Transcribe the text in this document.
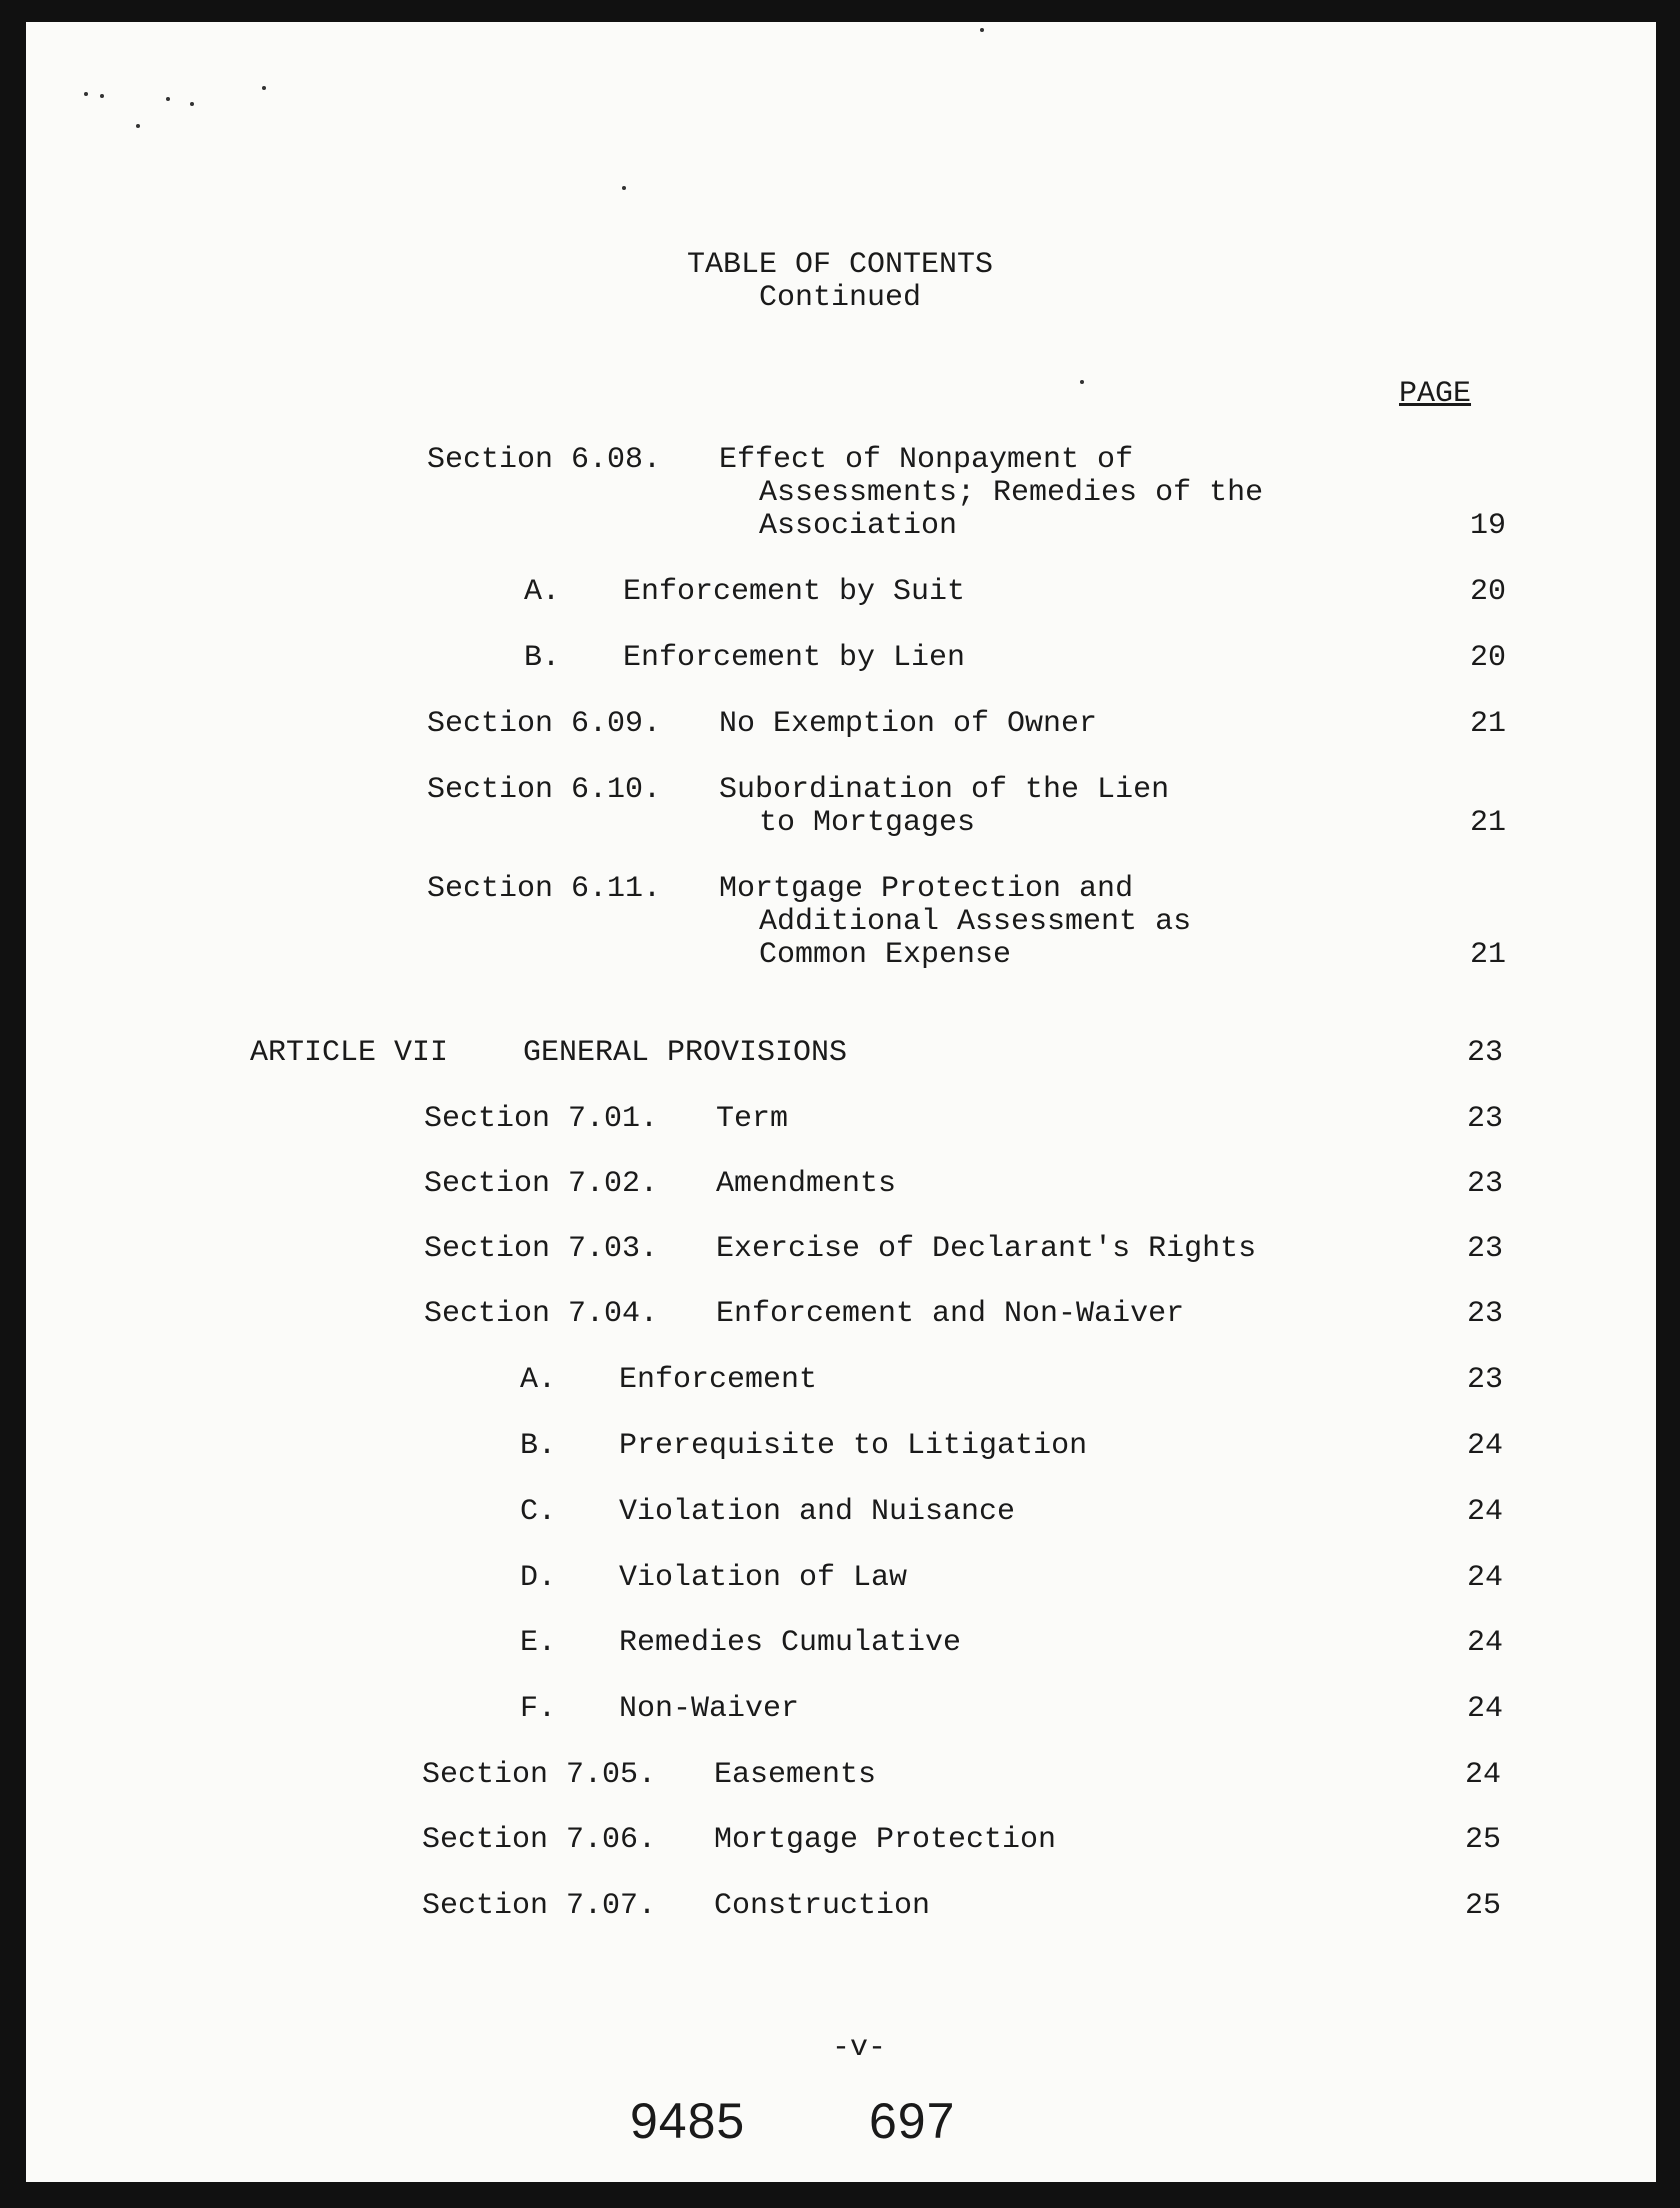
TABLE OF CONTENTS
Continued
PAGE
Section 6.08. Effect of Nonpayment of
Assessments; Remedies of the
Association	19
A. Enforcement by Suit	20
B. Enforcement by Lien	20
Section 6.09. No Exemption of Owner	21
Section 6.10. Subordination of the Lien
to Mortgages	21
Section 6.11. Mortgage Protection and
Additional Assessment as
Common Expense	21
ARTICLE VII GENERAL PROVISIONS	23
Section 7.01. Term	23
Section 7.02. Amendments	23
Section 7.03. Exercise of Declarant's Rights	23
Section 7.04. Enforcement and Non-Waiver	23
A. Enforcement	23
B. Prerequisite to Litigation	24
C. Violation and Nuisance	24
D. Violation of Law	24
E. Remedies Cumulative	24
F. Non-Waiver	24
Section 7.05. Easements	24
Section 7.06. Mortgage Protection	25
Section 7.07. Construction	25
-v-
9485 697
